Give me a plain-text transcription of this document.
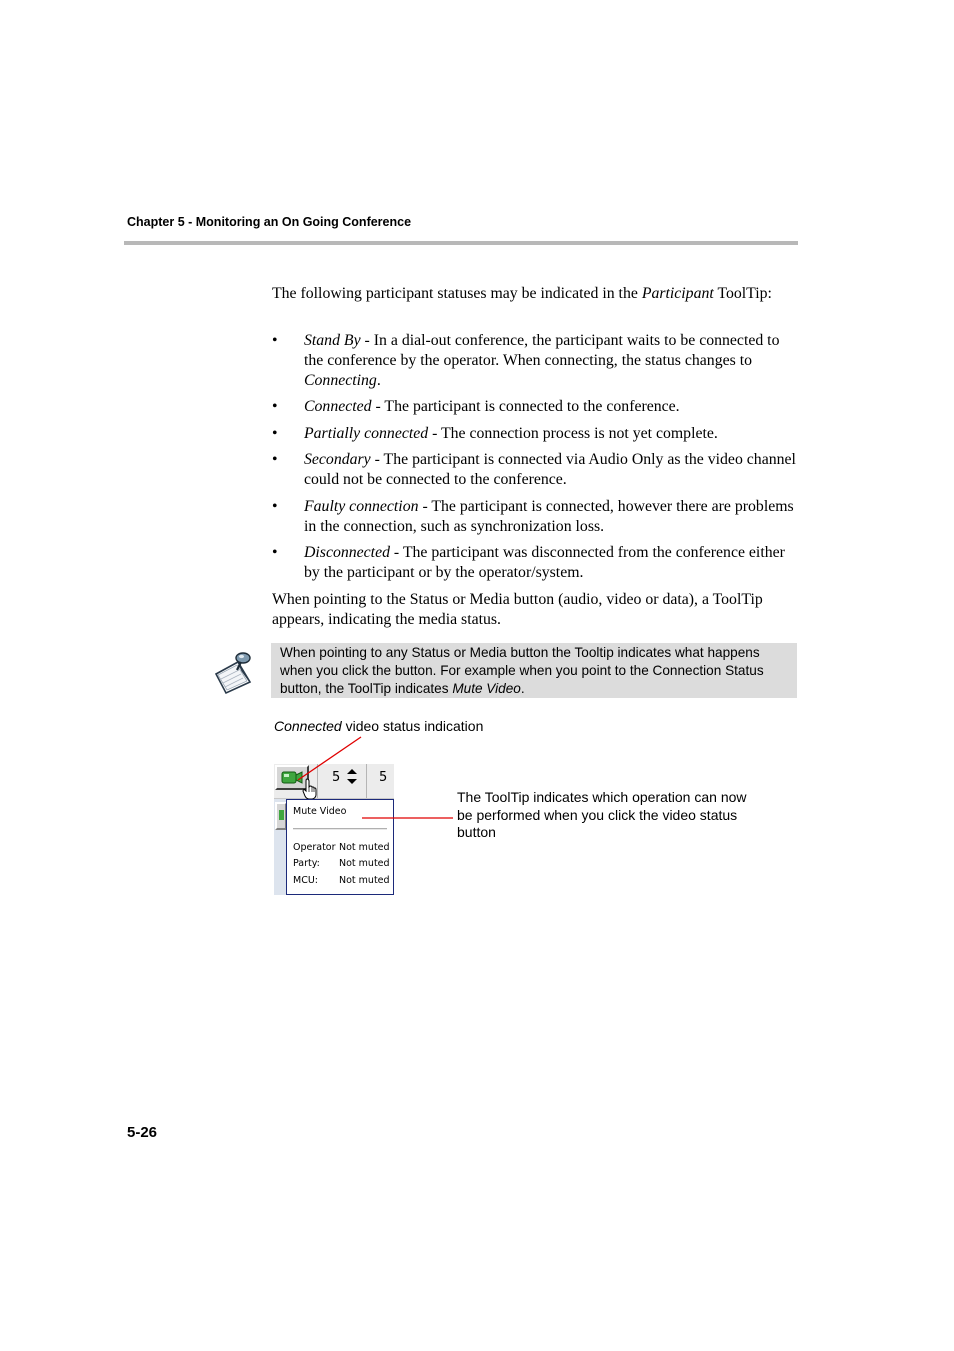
Chapter 5 - Monitoring an On Going Conference
The following participant statuses may be indicated in the Participant ToolTip:
•	Stand By - In a dial-out conference, the participant waits to be connected to the conference by the operator. When connecting, the status changes to Connecting.
•	Connected - The participant is connected to the conference.
•	Partially connected - The connection process is not yet complete.
•	Secondary - The participant is connected via Audio Only as the video channel could not be connected to the conference.
•	Faulty connection - The participant is connected, however there are problems in the connection, such as synchronization loss.
•	Disconnected - The participant was disconnected from the conference either by the participant or by the operator/system.
When pointing to the Status or Media button (audio, video or data), a ToolTip appears, indicating the media status.
When pointing to any Status or Media button the Tooltip indicates what happens when you click the button. For example when you point to the Connection Status button, the ToolTip indicates Mute Video.
Connected video status indication
5	5
Mute Video
Operator Not muted
Party: Not muted
MCU: Not muted
The ToolTip indicates which operation can now be performed when you click the video status button
5-26
